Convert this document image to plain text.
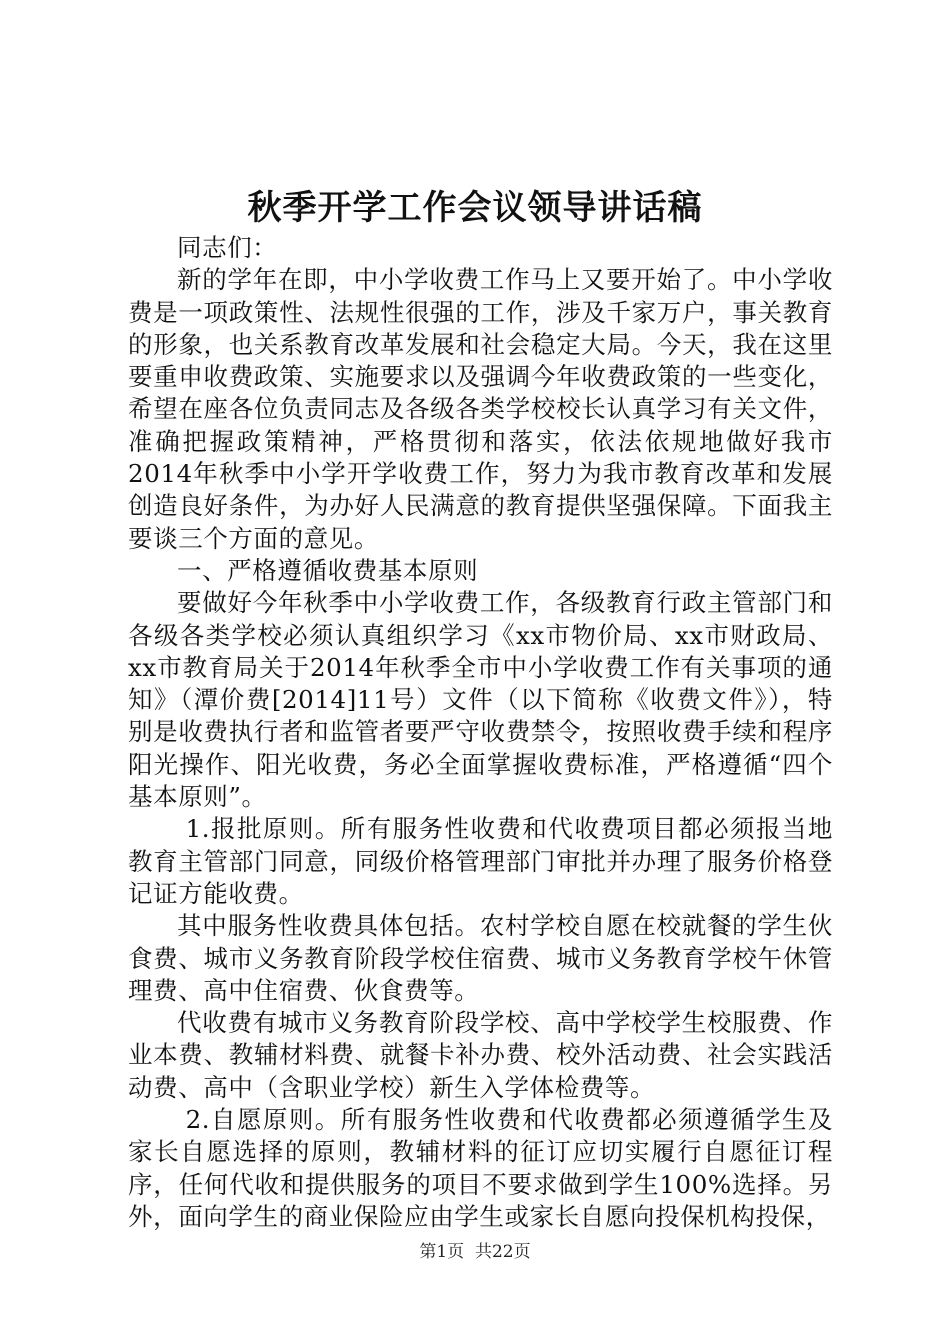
秋季开学工作会议领导讲话稿

同志们：

新的学年在即，中小学收费工作马上又要开始了。中小学收费是一项政策性、法规性很强的工作，涉及千家万户，事关教育的形象，也关系教育改革发展和社会稳定大局。今天，我在这里要重申收费政策、实施要求以及强调今年收费政策的一些变化，希望在座各位负责同志及各级各类学校校长认真学习有关文件，准确把握政策精神，严格贯彻和落实，依法依规地做好我市2014年秋季中小学开学收费工作，努力为我市教育改革和发展创造良好条件，为办好人民满意的教育提供坚强保障。下面我主要谈三个方面的意见。

一、严格遵循收费基本原则

要做好今年秋季中小学收费工作，各级教育行政主管部门和各级各类学校必须认真组织学习《xx市物价局、xx市财政局、xx市教育局关于2014年秋季全市中小学收费工作有关事项的通知》（潭价费[2014]11号）文件（以下简称《收费文件》），特别是收费执行者和监管者要严守收费禁令，按照收费手续和程序阳光操作、阳光收费，务必全面掌握收费标准，严格遵循“四个基本原则”。

1.报批原则。所有服务性收费和代收费项目都必须报当地教育主管部门同意，同级价格管理部门审批并办理了服务价格登记证方能收费。

其中服务性收费具体包括。农村学校自愿在校就餐的学生伙食费、城市义务教育阶段学校住宿费、城市义务教育学校午休管理费、高中住宿费、伙食费等。

代收费有城市义务教育阶段学校、高中学校学生校服费、作业本费、教辅材料费、就餐卡补办费、校外活动费、社会实践活动费、高中（含职业学校）新生入学体检费等。

2.自愿原则。所有服务性收费和代收费都必须遵循学生及家长自愿选择的原则，教辅材料的征订应切实履行自愿征订程序，任何代收和提供服务的项目不要求做到学生100%选择。另外，面向学生的商业保险应由学生或家长自愿向投保机构投保，

第1页  共22页
